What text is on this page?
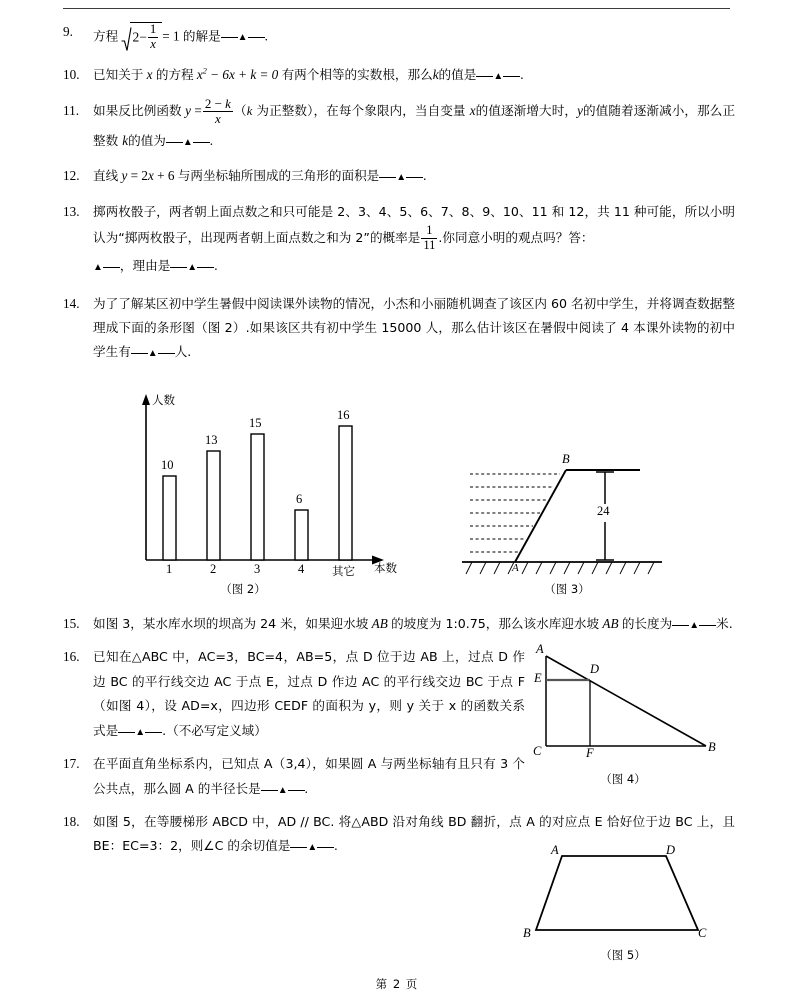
9.	方程 $2- \frac{1}{x} = 1$ 的解是 ▲ .
10.	已知关于 x 的方程 $x^2 - 6x + k = 0$ 有两个相等的实数根，那么k的值是 ▲ .
11.	如果反比例函数 $y = \frac{2 - k}{x} (k$ 为正整数），在每个象限内，当自变量 x的值逐渐增大时，y的值随着逐渐减小，那么正整数 k的值为 ▲ .
12.	直线 y = 2x + 6 与两坐标轴所围成的三角形的面积是 ▲ .
13.	掷两枚骰子，两者朝上面点数之和只可能是 2、3、4、5、6、7、8、9、10、11 和 12，共 11 种可能，所以小明认为“掷两枚骰子，出现两者朝上面点数之和为 2”的概率是 $\frac{1}{11}$ .你同意小明的观点吗？答：
▲ ，理由是 ▲ .
14.	为了了解某区初中学生暑假中阅读课外读物的情况，小杰和小丽随机调查了该区内 60 名初中学生，并将调查数据整理成下面的条形图（图 2）.如果该区共有初中学生 15000 人，那么估计该区在暑假中阅读了 4 本课外读物的初中学生有 ▲ 人.
人数
本数
10
13
15
6
16
1	2	3	4 其它
（图 2）
B
A
24
（图 3）
15.	如图 3，某水库水坝的坝高为 24 米，如果迎水坡 AB 的坡度为 1:0.75，那么该水库迎水坡 AB 的长度为 ▲ 米.
16.	已知在△ABC 中，AC=3，BC=4，AB=5，点 D 位于边 AB 上，过点 D 作边 BC 的平行线交边 AC 于点 E，过点 D 作边 AC 的平行线交边 BC 于点 F（如图 4），设 AD=x，四边形 CEDF 的面积为 y，则 y 关于 x 的函数关系式是 ▲ .（不必写定义域）
17.	在平面直角坐标系内，已知点 A（3,4），如果圆 A 与两坐标轴有且只有 3 个公共点，那么圆 A 的半径长是 ▲ .
18.	如图 5，在等腰梯形 ABCD 中，AD // BC. 将△ABD 沿对角线 BD 翻折，点 A 的对应点 E 恰好位于边 BC 上，且 BE：EC=3：2，则∠C 的余切值是 ▲ .
A
E
D
C	F	B
（图 4）
A	D
B	C
（图 5）
第 2 页
